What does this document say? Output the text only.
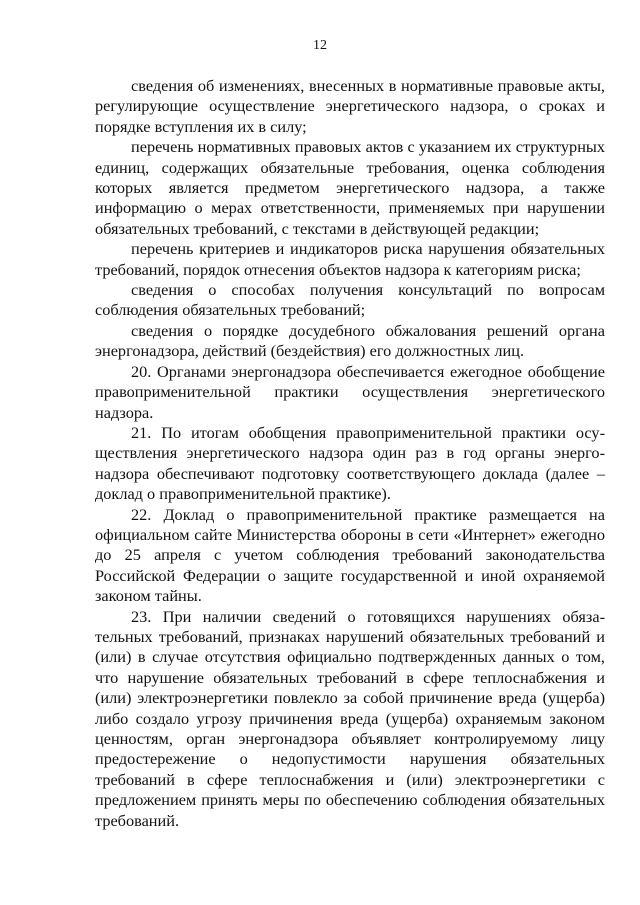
12

сведения об изменениях, внесенных в нормативные правовые акты, регулирующие осуществление энергетического надзора, о сроках и порядке вступления их в силу;

перечень нормативных правовых актов с указанием их структурных единиц, содержащих обязательные требования, оценка соблюдения которых является предметом энергетического надзора, а также информацию о мерах ответственности, применяемых при нарушении обязательных требований, с текстами в действующей редакции;

перечень критериев и индикаторов риска нарушения обязательных требований, порядок отнесения объектов надзора к категориям риска;

сведения о способах получения консультаций по вопросам соблюдения обязательных требований;

сведения о порядке досудебного обжалования решений органа энергонадзора, действий (бездействия) его должностных лиц.

20. Органами энергонадзора обеспечивается ежегодное обобщение правоприменительной практики осуществления энергетического надзора.

21. По итогам обобщения правоприменительной практики осуществления энергетического надзора один раз в год органы энергонадзора обеспечивают подготовку соответствующего доклада (далее – доклад о правоприменительной практике).

22. Доклад о правоприменительной практике размещается на официальном сайте Министерства обороны в сети «Интернет» ежегодно до 25 апреля с учетом соблюдения требований законодательства Российской Федерации о защите государственной и иной охраняемой законом тайны.

23. При наличии сведений о готовящихся нарушениях обязательных требований, признаках нарушений обязательных требований и (или) в случае отсутствия официально подтвержденных данных о том, что нарушение обязательных требований в сфере теплоснабжения и (или) электроэнергетики повлекло за собой причинение вреда (ущерба) либо создало угрозу причинения вреда (ущерба) охраняемым законом ценностям, орган энергонадзора объявляет контролируемому лицу предостережение о недопустимости нарушения обязательных требований в сфере теплоснабжения и (или) электроэнергетики с предложением принять меры по обеспечению соблюдения обязательных требований.
